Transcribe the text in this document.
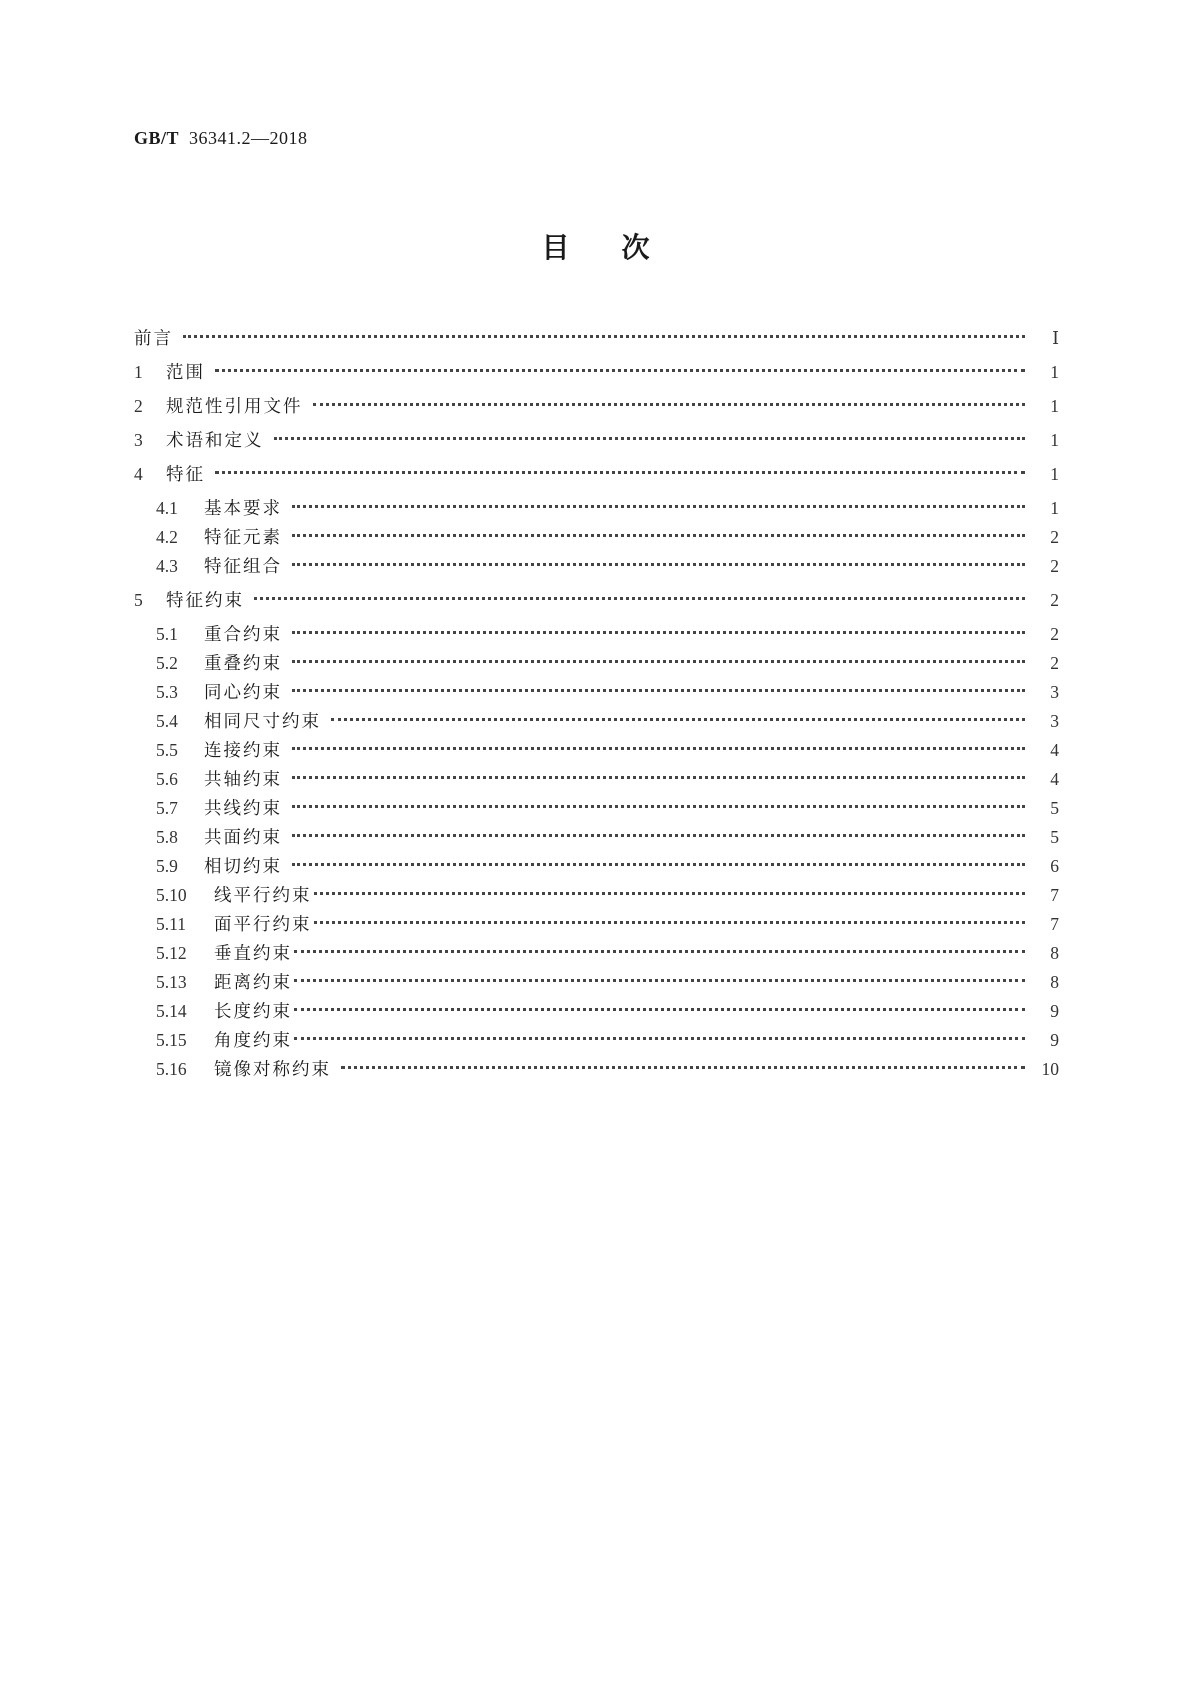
GB/T 36341.2—2018
目次
前言	Ⅰ
1	范围	1
2	规范性引用文件	1
3	术语和定义	1
4	特征	1
4.1	基本要求	1
4.2	特征元素	2
4.3	特征组合	2
5	特征约束	2
5.1	重合约束	2
5.2	重叠约束	2
5.3	同心约束	3
5.4	相同尺寸约束	3
5.5	连接约束	4
5.6	共轴约束	4
5.7	共线约束	5
5.8	共面约束	5
5.9	相切约束	6
5.10	线平行约束	7
5.11	面平行约束	7
5.12	垂直约束	8
5.13	距离约束	8
5.14	长度约束	9
5.15	角度约束	9
5.16	镜像对称约束	10
